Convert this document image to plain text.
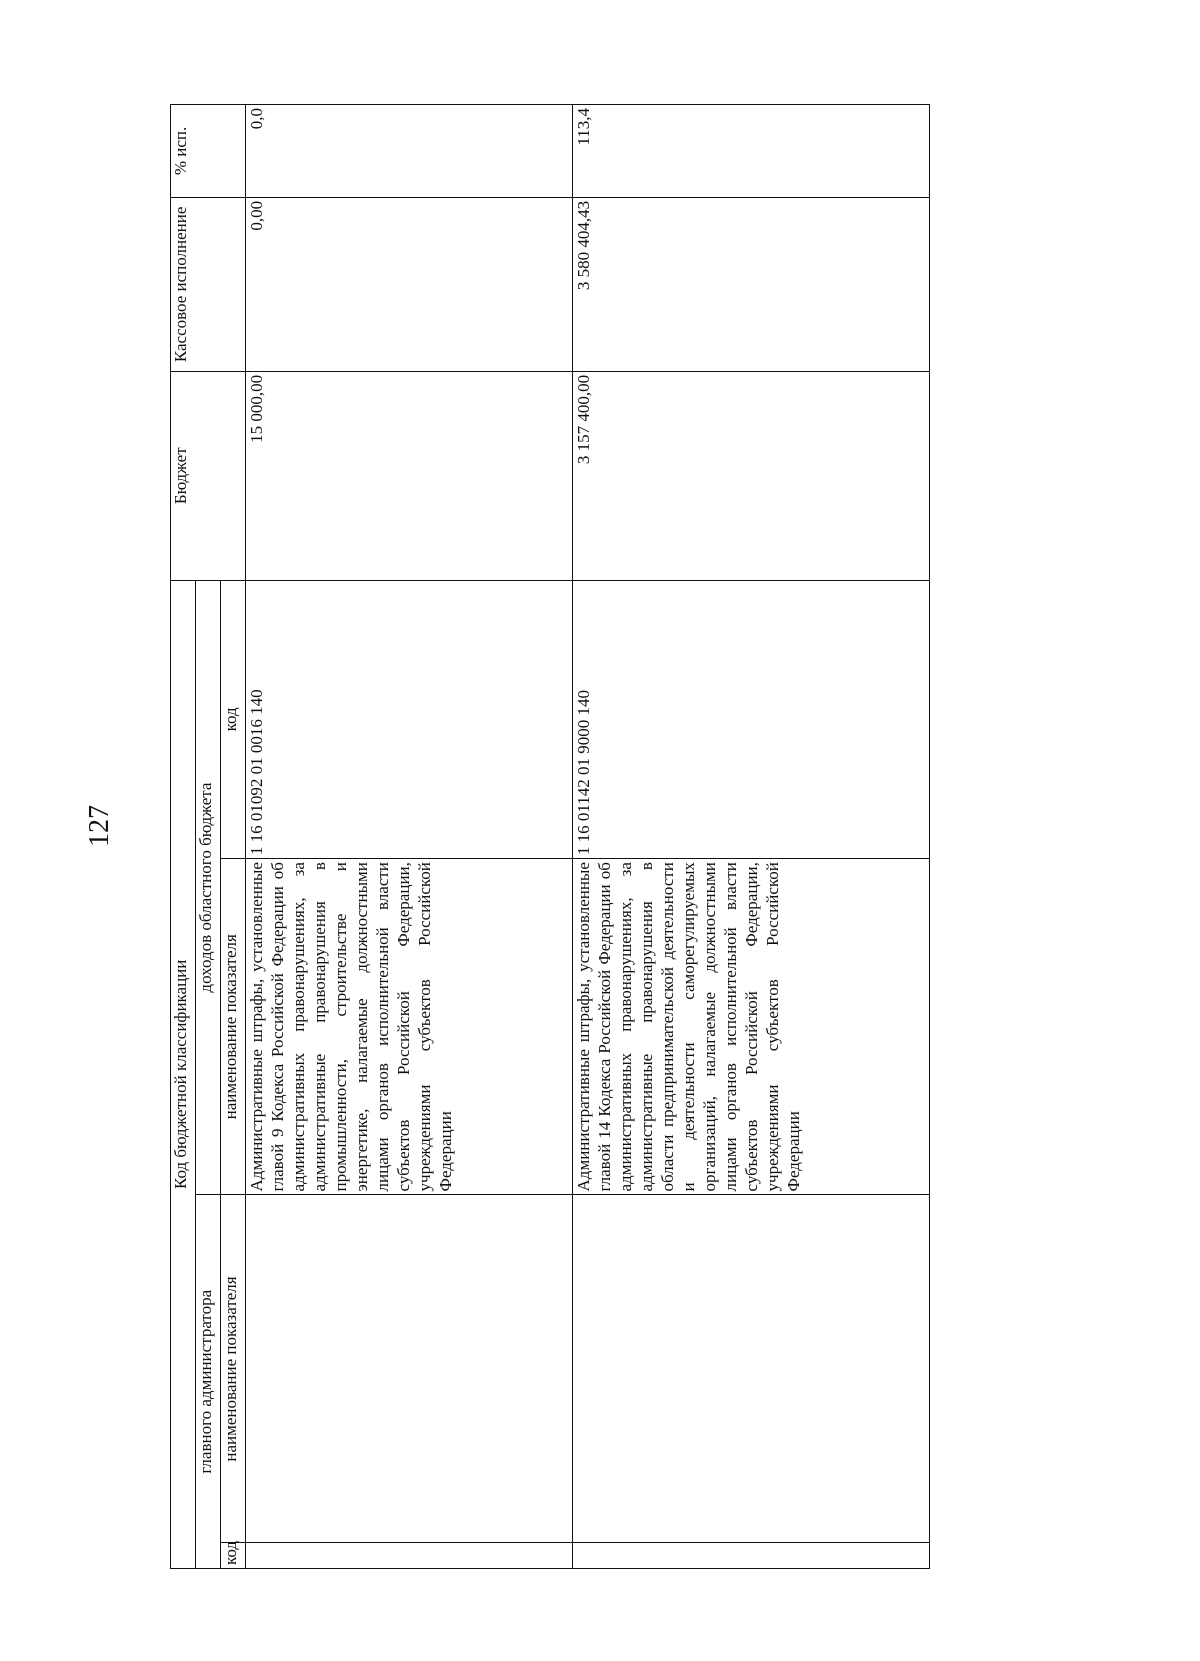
127
Код бюджетной классификации				Бюджет	Кассовое исполнение	% исп.
главного администратора		доходов областного бюджета				
код	наименование показателя	наименование показателя	код			
		Административные штрафы, установленные главой 9 Кодекса Российской Федерации об административных правонарушениях, за административные правонарушения в промышленности, строительстве и энергетике, налагаемые должностными лицами органов исполнительной власти субъектов Российской Федерации, учреждениями субъектов Российской Федерации	1 16 01092 01 0016 140	15 000,00	0,00	0,0
		Административные штрафы, установленные главой 14 Кодекса Российской Федерации об административных правонарушениях, за административные правонарушения в области предпринимательской деятельности и деятельности саморегулируемых организаций, налагаемые должностными лицами органов исполнительной власти субъектов Российской Федерации, учреждениями субъектов Российской Федерации	1 16 01142 01 9000 140	3 157 400,00	3 580 404,43	113,4
